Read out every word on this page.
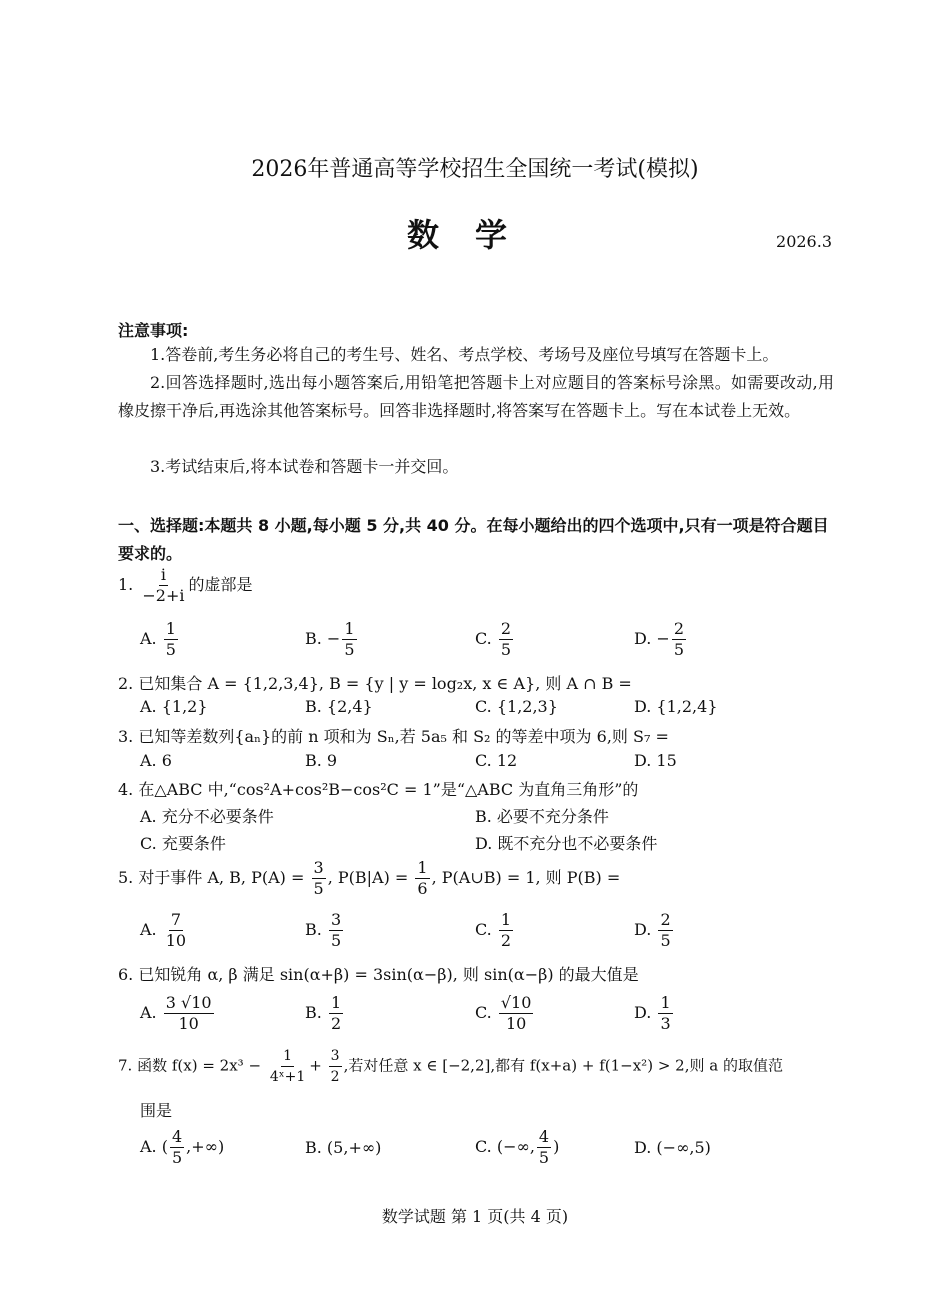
2026年普通高等学校招生全国统一考试(模拟)
数学	2026.3
注意事项:
1.答卷前,考生务必将自己的考生号、姓名、考点学校、考场号及座位号填写在答题卡上。
2.回答选择题时,选出每小题答案后,用铅笔把答题卡上对应题目的答案标号涂黑。如需要改动,用橡皮擦干净后,再选涂其他答案标号。回答非选择题时,将答案写在答题卡上。写在本试卷上无效。
3.考试结束后,将本试卷和答题卡一并交回。
一、选择题:本题共 8 小题,每小题 5 分,共 40 分。在每小题给出的四个选项中,只有一项是符合题目要求的。
1. $\frac{i}{-2+i}$ 的虚部是
A. $\frac{1}{5}$	B. − $\frac{1}{5}$	C. $\frac{2}{5}$	D. − $\frac{2}{5}$
2. 已知集合 A = {1,2,3,4}, B = {y | y = log₂x, x ∈ A}, 则 A ∩ B =
A. {1,2}	B. {2,4}	C. {1,2,3}	D. {1,2,4}
3. 已知等差数列{aₙ}的前 n 项和为 Sₙ,若 5a₅ 和 S₂ 的等差中项为 6,则 S₇ =
A. 6	B. 9	C. 12	D. 15
4. 在△ABC 中,“cos²A+cos²B−cos²C = 1”是“△ABC 为直角三角形”的
A. 充分不必要条件	B. 必要不充分条件
C. 充要条件	D. 既不充分也不必要条件
5. 对于事件 A, B, $P(A) = \frac{3}{5}$ , $P(B|A) = \frac{1}{6}$ , P(A∪B) = 1, 则 P(B) =
A. $\frac{7}{10}$	B. $\frac{3}{5}$	C. $\frac{1}{2}$	D. $\frac{2}{5}$
6. 已知锐角 α, β 满足 sin(α+β) = 3sin(α−β), 则 sin(α−β) 的最大值是
A. $\frac{3 √10}{10}$	B. $\frac{1}{2}$	C. $\frac{√10}{10}$	D. $\frac{1}{3}$
7. 函数 $f(x) = 2x^3 - \frac{1}{\text{4ˣ+1}} + \frac{3}{2}$ ,若对任意 x ∈ [−2,2],都有 f(x+a) + f(1−x²) > 2,则 a 的取值范
围是
A. ( $\frac{4}{5}$ ,+∞)	B. (5,+∞)	C. (−∞, $\frac{4}{5}$ )	D. (−∞,5)
数学试题 第 1 页(共 4 页)
